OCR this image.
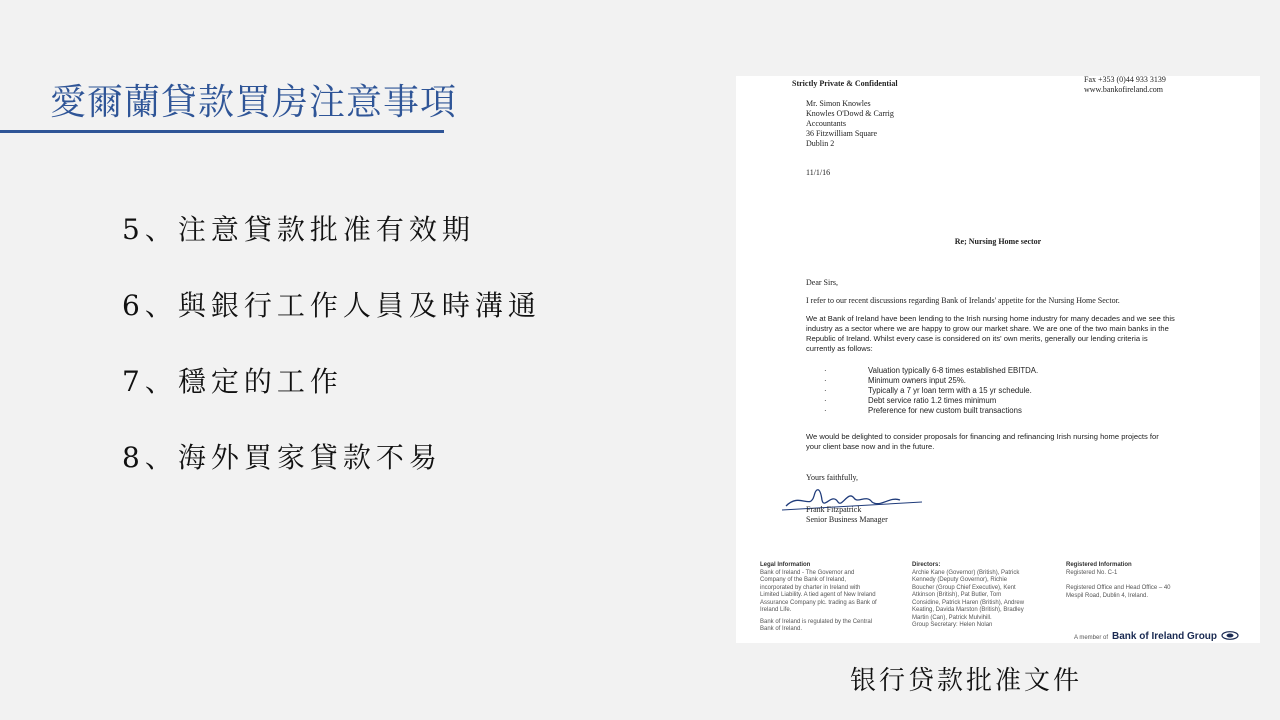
愛爾蘭貸款買房注意事項
5、注意貸款批准有效期
6、與銀行工作人員及時溝通
7、穩定的工作
8、海外買家貸款不易
Strictly Private & Confidential	Fax +353 (0)44 933 3139
www.bankofireland.com
Mr. Simon Knowles
Knowles O'Dowd & Carrig
Accountants
36 Fitzwilliam Square
Dublin 2
11/1/16
Re; Nursing Home sector
Dear Sirs,
I refer to our recent discussions regarding Bank of Irelands' appetite for the Nursing Home Sector.
We at Bank of Ireland have been lending to the Irish nursing home industry for many decades and we see this industry as a sector where we are happy to grow our market share. We are one of the two main banks in the Republic of Ireland. Whilst every case is considered on its' own merits, generally our lending criteria is currently as follows:
· Valuation typically 6-8 times established EBITDA.
· Minimum owners input 25%.
· Typically a 7 yr loan term with a 15 yr schedule.
· Debt service ratio 1.2 times minimum
· Preference for new custom built transactions
We would be delighted to consider proposals for financing and refinancing Irish nursing home projects for your client base now and in the future.
Yours faithfully,
Frank Fitzpatrick
Senior Business Manager
Legal Information
Bank of Ireland - The Governor and Company of the Bank of Ireland, incorporated by charter in Ireland with Limited Liability. A tied agent of New Ireland Assurance Company plc. trading as Bank of Ireland Life.
Bank of Ireland is regulated by the Central Bank of Ireland.
Directors:
Archie Kane (Governor) (British), Patrick Kennedy (Deputy Governor), Richie Boucher (Group Chief Executive), Kent Atkinson (British), Pat Butler, Tom Considine, Patrick Haren (British), Andrew Keating, Davida Marston (British), Bradley Martin (Can), Patrick Mulvihill.
Group Secretary: Helen Nolan
Registered Information
Registered No. C-1
Registered Office and Head Office – 40 Mespil Road, Dublin 4, Ireland.
A member of Bank of Ireland Group
银行贷款批准文件
